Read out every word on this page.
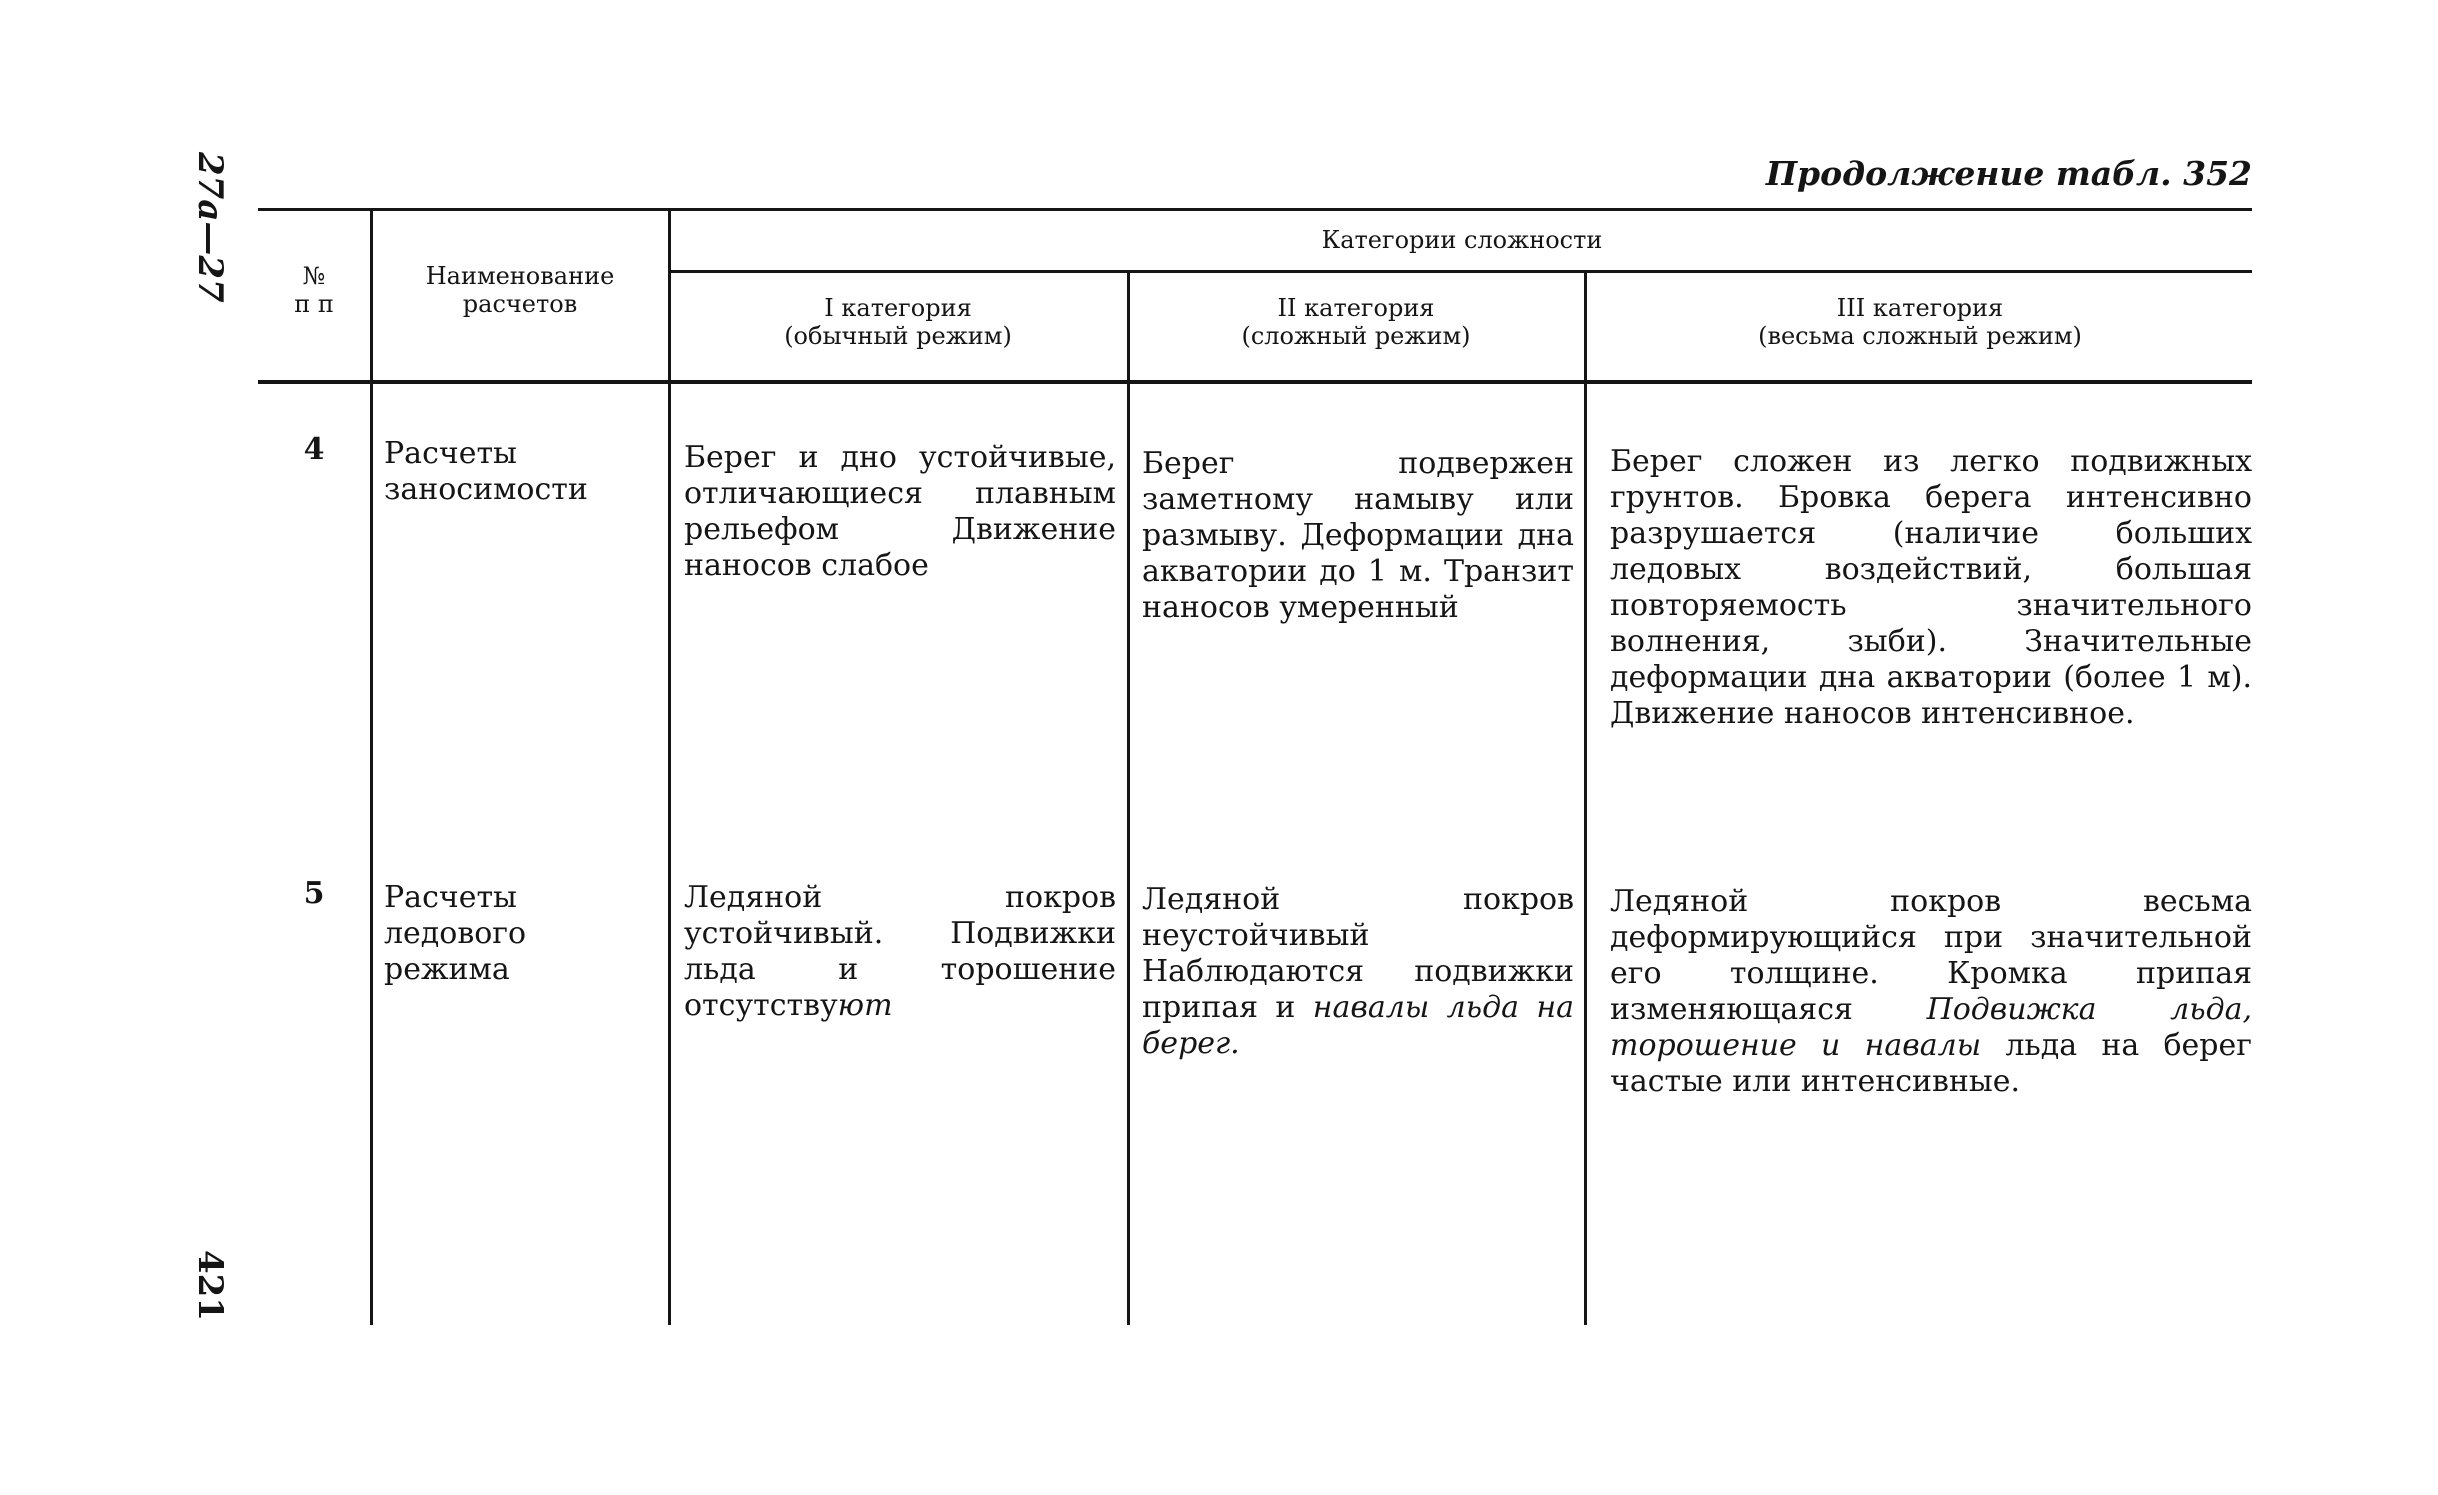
27а—27
421
Продолжение табл. 352
№
п п
Наименование
расчетов
Категории сложности
I категория
(обычный режим)
II категория
(сложный режим)
III категория
(весьма сложный режим)
4	Расчеты заносимости
Берег и дно устойчивые, отличающиеся плавным рельефом Движение наносов слабое
Берег подвержен заметному намыву или размыву. Деформации дна акватории до 1 м. Транзит наносов умеренный
Берег сложен из легко подвижных грунтов. Бровка берега интенсивно разрушается (наличие больших ледовых воздействий, большая повторяемость значительного волнения, зыби). Значительные деформации дна акватории (более 1 м). Движение наносов интенсивное.
5	Расчеты ледового режима
Ледяной покров устойчивый. Подвижки льда и торошение отсутствуют
Ледяной покров неустойчивый Наблюдаются подвижки припая и навалы льда на берег.
Ледяной покров весьма деформирующийся при значительной его толщине. Кромка припая изменяющаяся Подвижка льда, торошение и навалы льда на берег частые или интенсивные.
